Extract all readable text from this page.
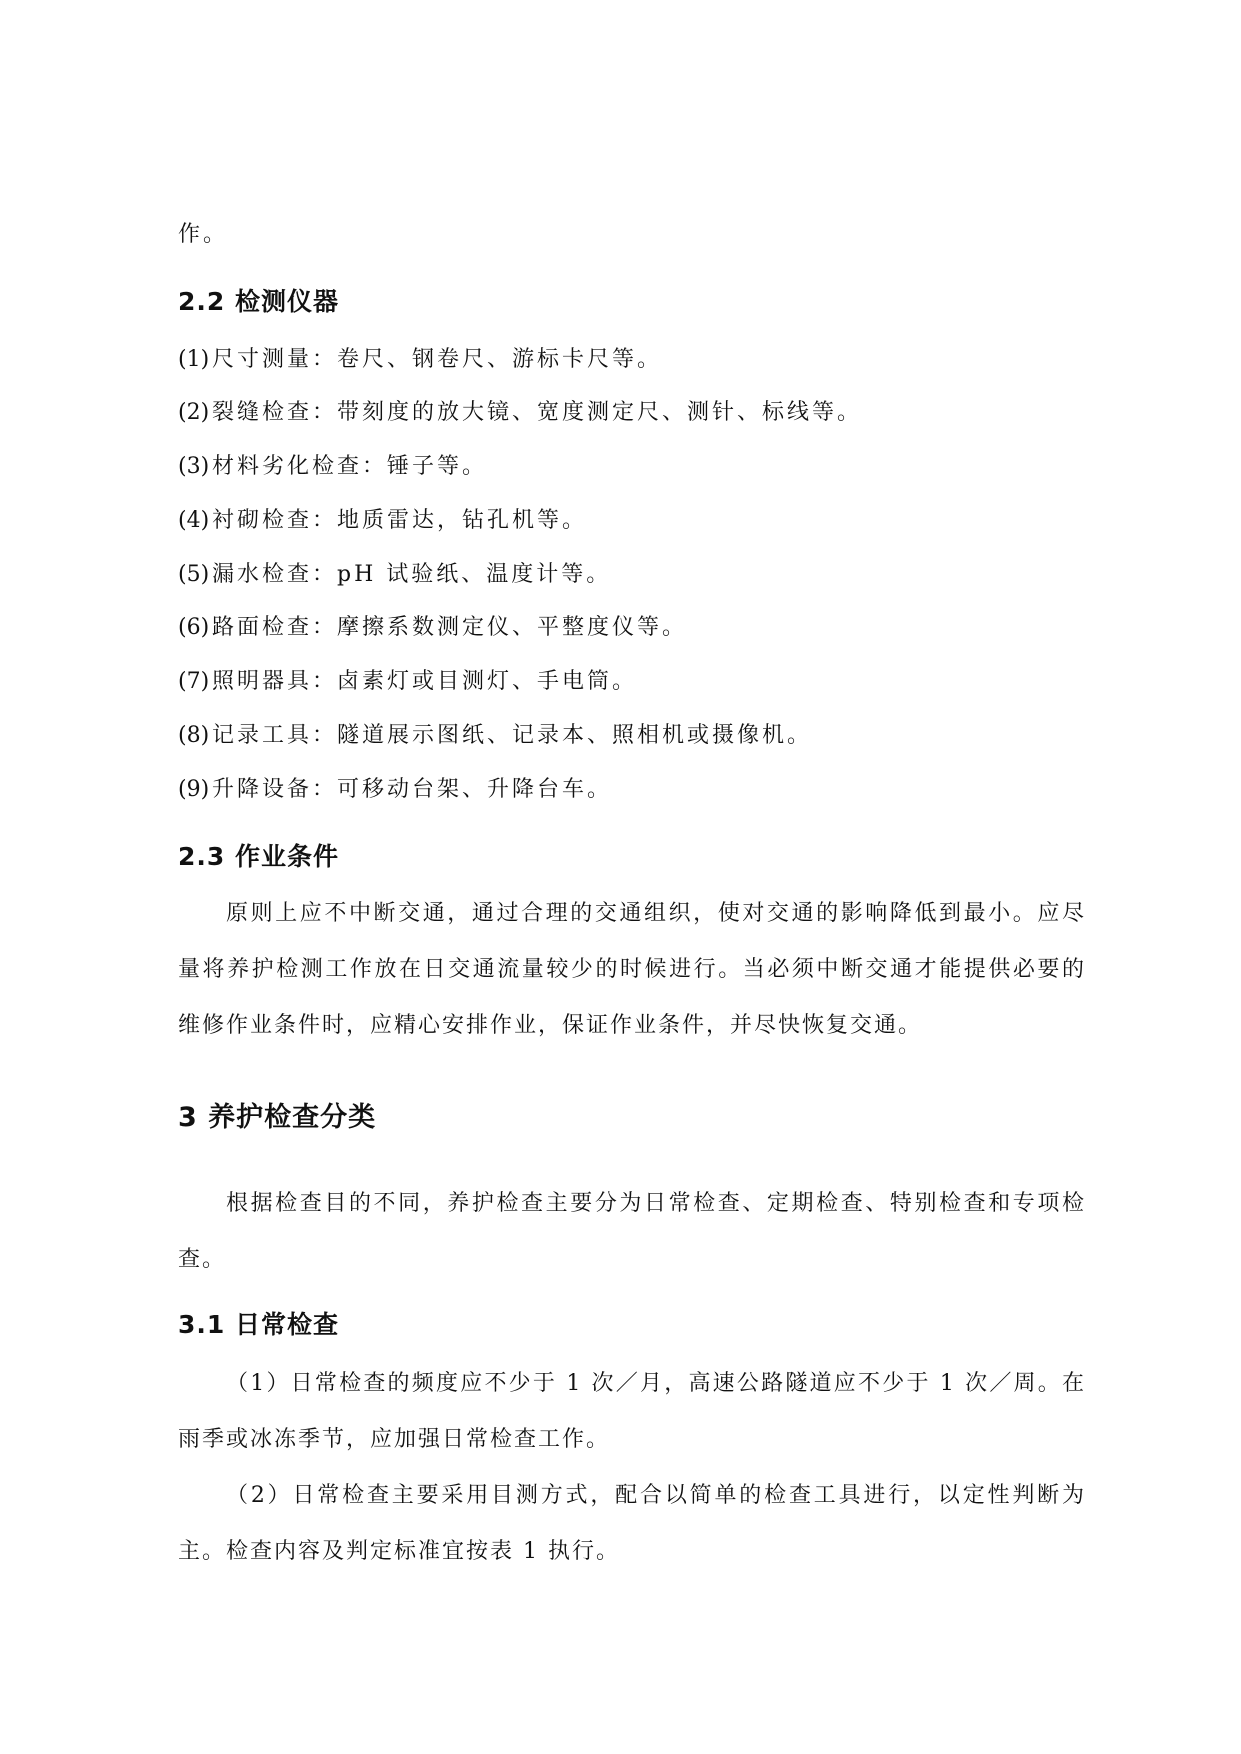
作。

2.2 检测仪器

(1) 尺寸测量：卷尺、钢卷尺、游标卡尺等。

(2) 裂缝检查：带刻度的放大镜、宽度测定尺、测针、标线等。

(3) 材料劣化检查：锤子等。

(4) 衬砌检查：地质雷达，钻孔机等。

(5) 漏水检查：pH 试验纸、温度计等。

(6) 路面检查：摩擦系数测定仪、平整度仪等。

(7) 照明器具：卤素灯或目测灯、手电筒。

(8) 记录工具：隧道展示图纸、记录本、照相机或摄像机。

(9) 升降设备：可移动台架、升降台车。

2.3 作业条件

原则上应不中断交通，通过合理的交通组织，使对交通的影响降低到最小。应尽量将养护检测工作放在日交通流量较少的时候进行。当必须中断交通才能提供必要的维修作业条件时，应精心安排作业，保证作业条件，并尽快恢复交通。

3 养护检查分类

根据检查目的不同，养护检查主要分为日常检查、定期检查、特别检查和专项检查。

3.1 日常检查

（1）日常检查的频度应不少于 1 次／月，高速公路隧道应不少于 1 次／周。在雨季或冰冻季节，应加强日常检查工作。

（2）日常检查主要采用目测方式，配合以简单的检查工具进行，以定性判断为主。检查内容及判定标准宜按表 1 执行。
